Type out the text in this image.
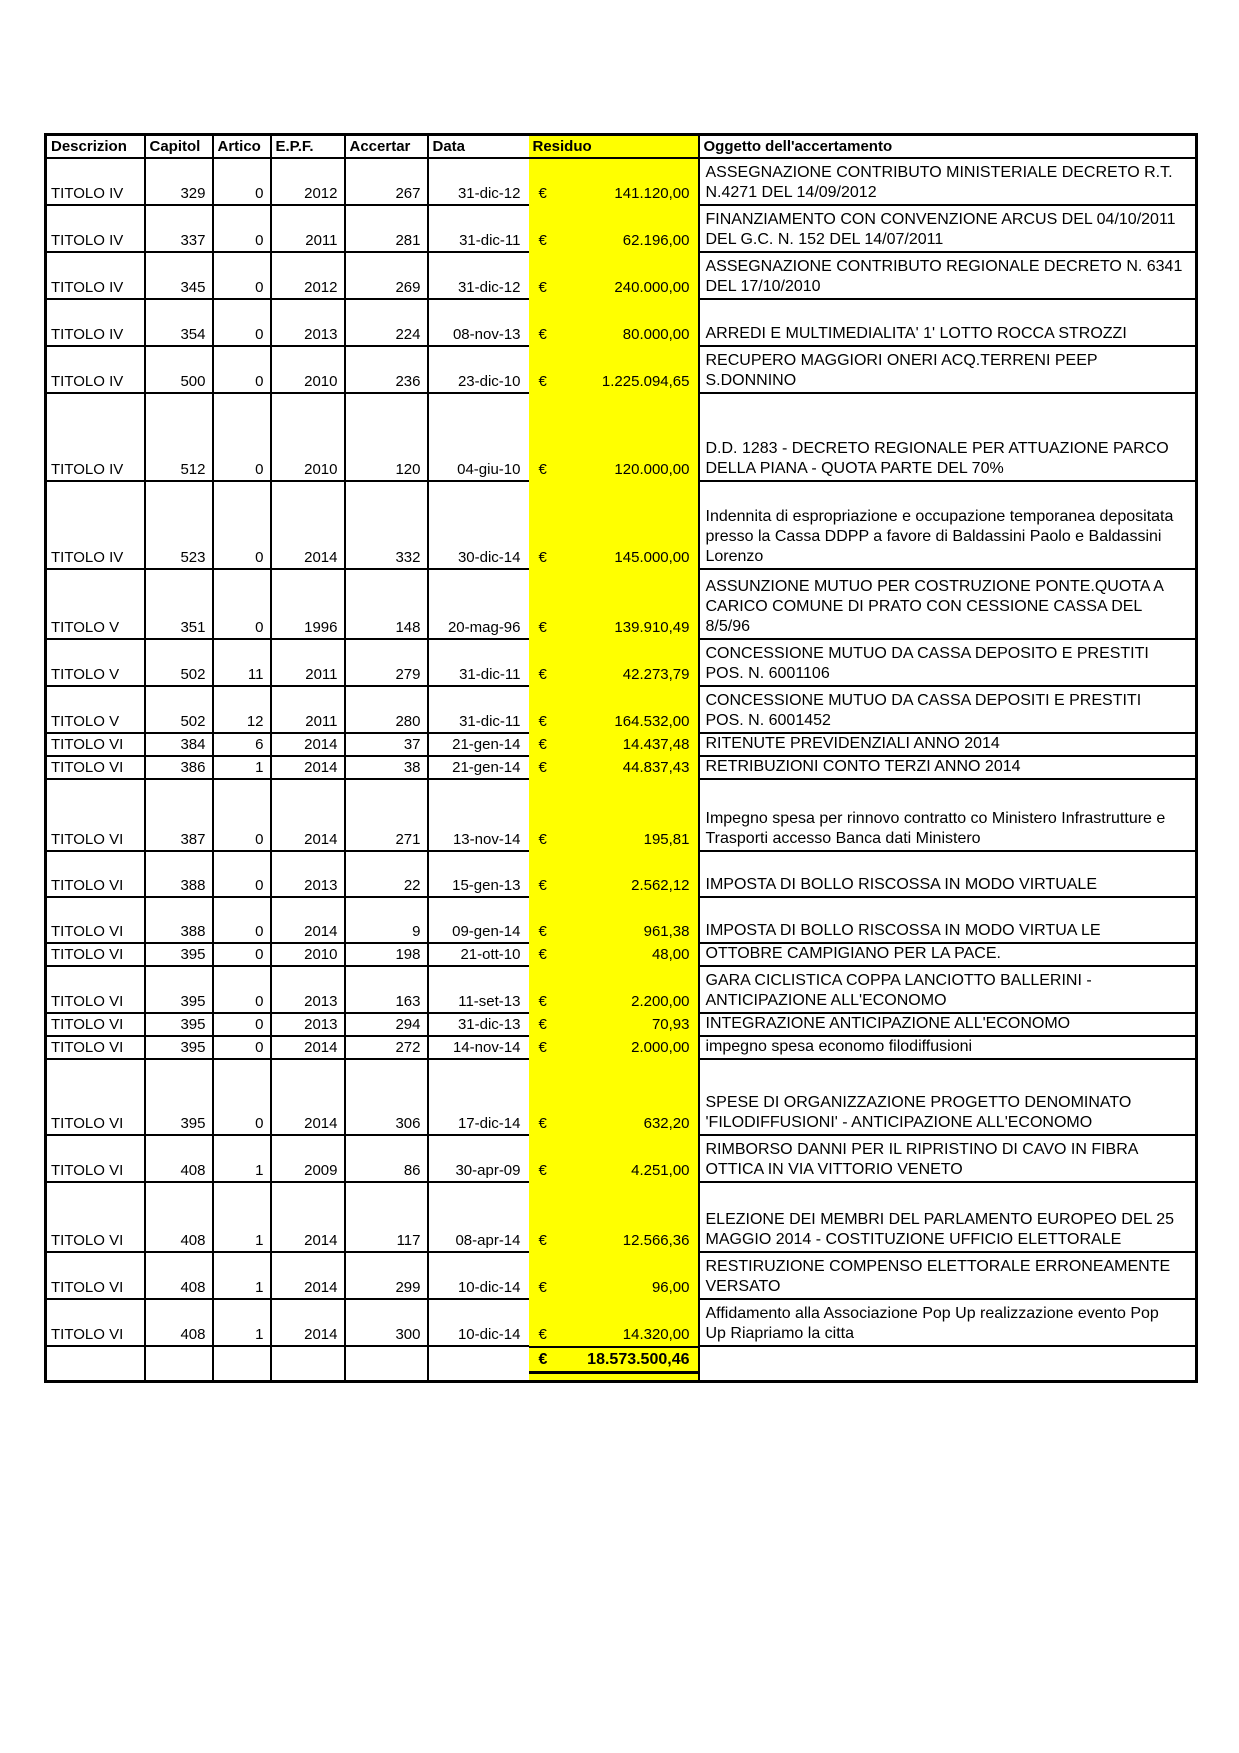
Descrizion	Capitol	Artico	E.P.F.	Accertar	Data	Residuo	Oggetto dell'accertamento
TITOLO IV	329	0	2012	267	31-dic-12	€ 141.120,00	ASSEGNAZIONE CONTRIBUTO MINISTERIALE DECRETO R.T. N.4271 DEL 14/09/2012
TITOLO IV	337	0	2011	281	31-dic-11	€ 62.196,00	FINANZIAMENTO CON CONVENZIONE ARCUS DEL 04/10/2011 DEL G.C. N. 152 DEL 14/07/2011
TITOLO IV	345	0	2012	269	31-dic-12	€ 240.000,00	ASSEGNAZIONE CONTRIBUTO REGIONALE DECRETO N. 6341 DEL 17/10/2010
TITOLO IV	354	0	2013	224	08-nov-13	€ 80.000,00	ARREDI E MULTIMEDIALITA' 1' LOTTO ROCCA STROZZI
TITOLO IV	500	0	2010	236	23-dic-10	€ 1.225.094,65	RECUPERO MAGGIORI ONERI ACQ.TERRENI PEEP S.DONNINO
TITOLO IV	512	0	2010	120	04-giu-10	€ 120.000,00	D.D. 1283 - DECRETO REGIONALE PER ATTUAZIONE PARCO DELLA PIANA - QUOTA PARTE DEL 70%
TITOLO IV	523	0	2014	332	30-dic-14	€ 145.000,00	Indennita di espropriazione e occupazione temporanea depositata presso la Cassa DDPP a favore di Baldassini Paolo e Baldassini Lorenzo
TITOLO V	351	0	1996	148	20-mag-96	€ 139.910,49	ASSUNZIONE MUTUO PER COSTRUZIONE PONTE.QUOTA A CARICO COMUNE DI PRATO CON CESSIONE CASSA DEL 8/5/96
TITOLO V	502	11	2011	279	31-dic-11	€ 42.273,79	CONCESSIONE MUTUO DA CASSA DEPOSITO E PRESTITI POS. N. 6001106
TITOLO V	502	12	2011	280	31-dic-11	€ 164.532,00	CONCESSIONE MUTUO DA CASSA DEPOSITI E PRESTITI POS. N. 6001452
TITOLO VI	384	6	2014	37	21-gen-14	€ 14.437,48	RITENUTE PREVIDENZIALI ANNO 2014
TITOLO VI	386	1	2014	38	21-gen-14	€ 44.837,43	RETRIBUZIONI CONTO TERZI ANNO 2014
TITOLO VI	387	0	2014	271	13-nov-14	€ 195,81	Impegno spesa per rinnovo contratto co Ministero Infrastrutture e Trasporti accesso Banca dati Ministero
TITOLO VI	388	0	2013	22	15-gen-13	€ 2.562,12	IMPOSTA DI BOLLO RISCOSSA IN MODO VIRTUALE
TITOLO VI	388	0	2014	9	09-gen-14	€ 961,38	IMPOSTA DI BOLLO RISCOSSA IN MODO VIRTUA LE
TITOLO VI	395	0	2010	198	21-ott-10	€ 48,00	OTTOBRE CAMPIGIANO PER LA PACE.
TITOLO VI	395	0	2013	163	11-set-13	€ 2.200,00	GARA CICLISTICA COPPA LANCIOTTO BALLERINI - ANTICIPAZIONE ALL'ECONOMO
TITOLO VI	395	0	2013	294	31-dic-13	€ 70,93	INTEGRAZIONE ANTICIPAZIONE ALL'ECONOMO
TITOLO VI	395	0	2014	272	14-nov-14	€ 2.000,00	impegno spesa economo filodiffusioni
TITOLO VI	395	0	2014	306	17-dic-14	€ 632,20	SPESE DI ORGANIZZAZIONE PROGETTO DENOMINATO 'FILODIFFUSIONI' - ANTICIPAZIONE ALL'ECONOMO
TITOLO VI	408	1	2009	86	30-apr-09	€ 4.251,00	RIMBORSO DANNI PER IL RIPRISTINO DI CAVO IN FIBRA OTTICA IN VIA VITTORIO VENETO
TITOLO VI	408	1	2014	117	08-apr-14	€ 12.566,36	ELEZIONE DEI MEMBRI DEL PARLAMENTO EUROPEO DEL 25 MAGGIO 2014 - COSTITUZIONE UFFICIO ELETTORALE
TITOLO VI	408	1	2014	299	10-dic-14	€ 96,00	RESTIRUZIONE COMPENSO ELETTORALE ERRONEAMENTE VERSATO
TITOLO VI	408	1	2014	300	10-dic-14	€ 14.320,00	Affidamento alla Associazione Pop Up realizzazione evento Pop Up Riapriamo la citta

						€ 18.573.500,46	
